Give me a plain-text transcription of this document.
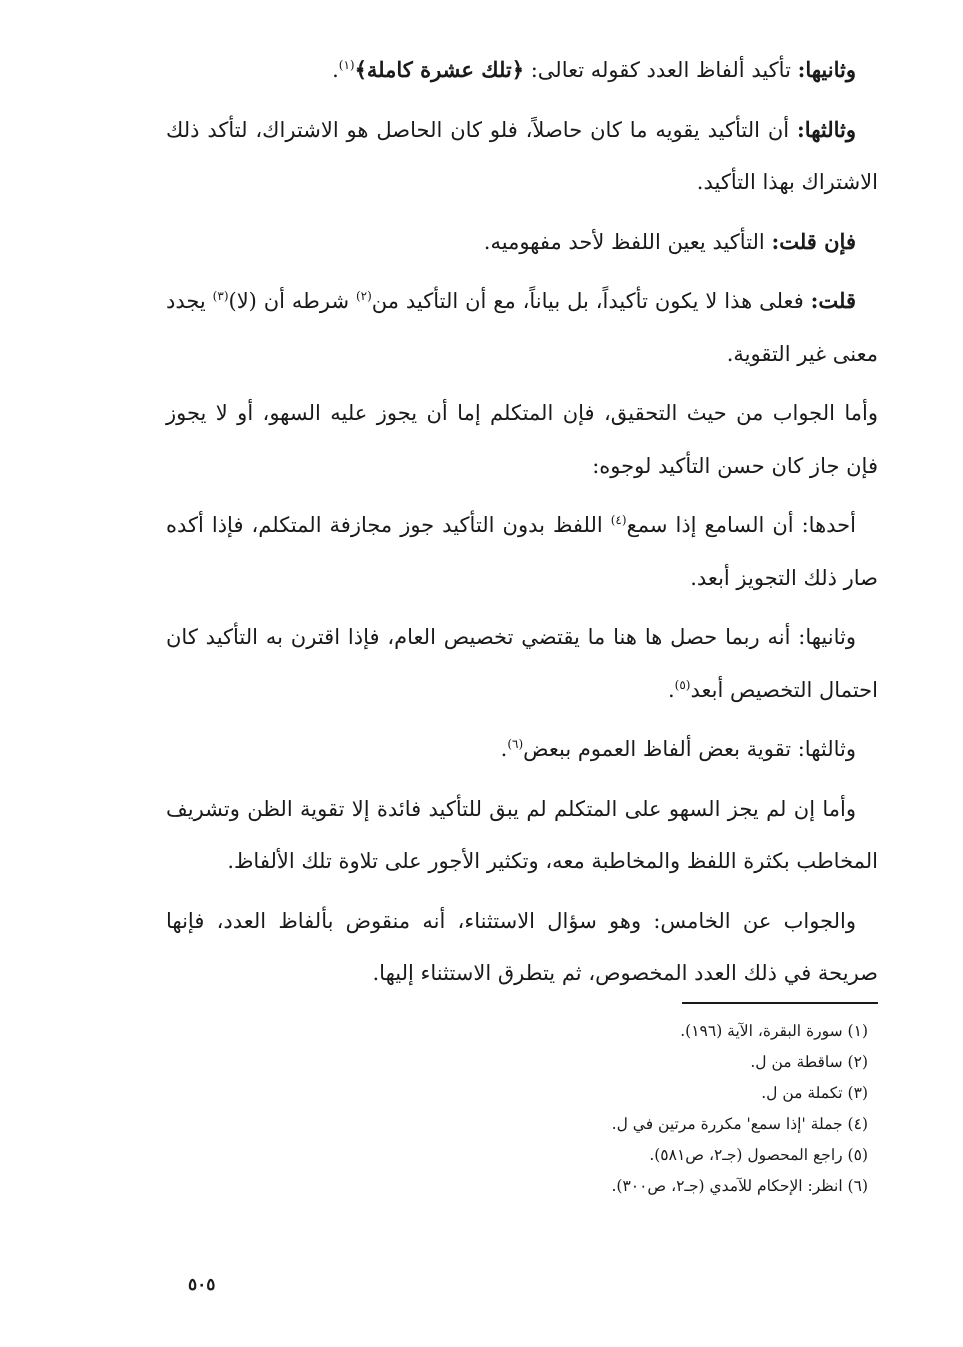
وثانيها: تأكيد ألفاظ العدد كقوله تعالى: ﴿تلك عشرة كاملة﴾$^{(١)}$.

وثالثها: أن التأكيد يقويه ما كان حاصلاً، فلو كان الحاصل هو الاشتراك، لتأكد ذلك الاشتراك بهذا التأكيد.

فإن قلت: التأكيد يعين اللفظ لأحد مفهوميه.

قلت: فعلى هذا لا يكون تأكيداً، بل بياناً، مع أن التأكيد من$^{(٢)}$ شرطه أن (لا)$^{(٣)}$ يجدد معنى غير التقوية.

وأما الجواب من حيث التحقيق، فإن المتكلم إما أن يجوز عليه السهو، أو لا يجوز فإن جاز كان حسن التأكيد لوجوه:

أحدها: أن السامع إذا سمع$^{(٤)}$ اللفظ بدون التأكيد جوز مجازفة المتكلم، فإذا أكده صار ذلك التجويز أبعد.

وثانيها: أنه ربما حصل ها هنا ما يقتضي تخصيص العام، فإذا اقترن به التأكيد كان احتمال التخصيص أبعد$^{(٥)}$.

وثالثها: تقوية بعض ألفاظ العموم ببعض$^{(٦)}$.

وأما إن لم يجز السهو على المتكلم لم يبق للتأكيد فائدة إلا تقوية الظن وتشريف المخاطب بكثرة اللفظ والمخاطبة معه، وتكثير الأجور على تلاوة تلك الألفاظ.

والجواب عن الخامس: وهو سؤال الاستثناء، أنه منقوض بألفاظ العدد، فإنها صريحة في ذلك العدد المخصوص، ثم يتطرق الاستثناء إليها.

(١) سورة البقرة، الآية (١٩٦).
(٢) ساقطة من ل.
(٣) تكملة من ل.
(٤) جملة 'إذا سمع' مكررة مرتين في ل.
(٥) راجع المحصول (جـ٢، ص٥٨١).
(٦) انظر: الإحكام للآمدي (جـ٢، ص٣٠٠).
٥٠٥
